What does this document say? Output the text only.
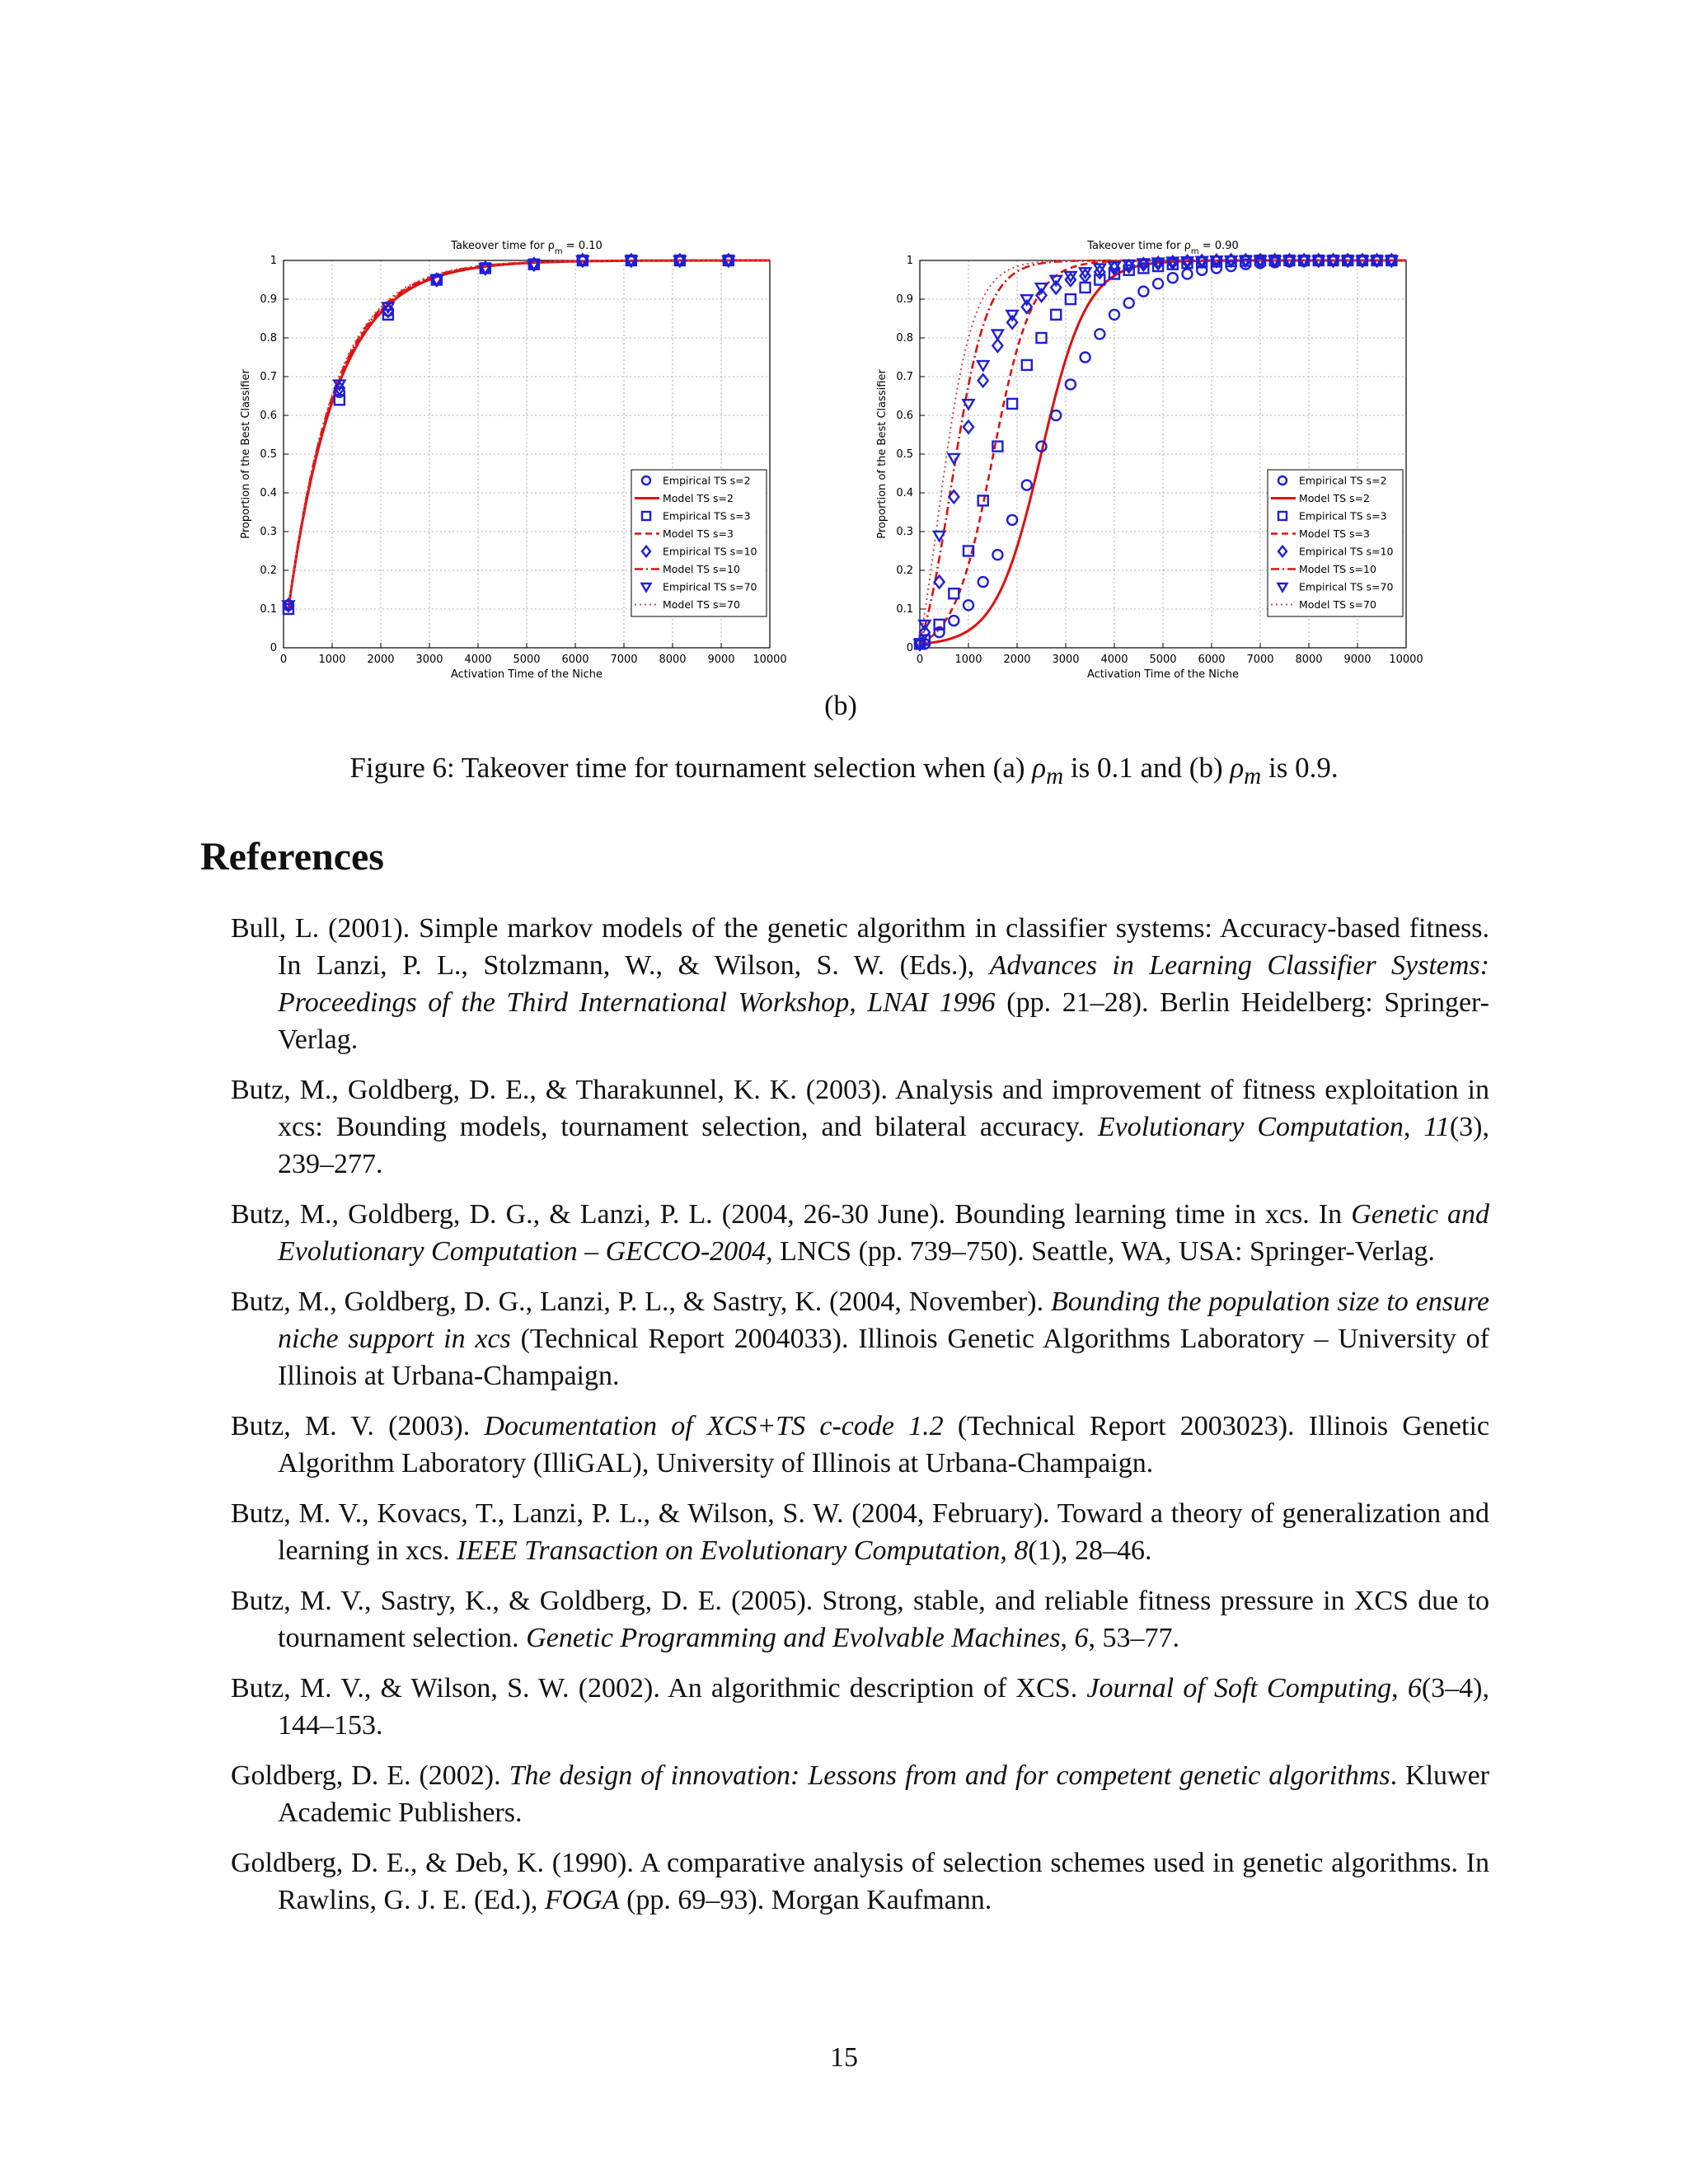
Takeover time for $\rho_m = 0.10$
0	1000 2000 3000 4000 5000 6000 7000 8000 9000 10000
0
0.1
0.2
0.3
0.4
0.5
0.6
0.7
0.8
0.9
1
Activation Time of the Niche
Proportion of the Best Classifier	Empirical TS s=2
Model TS s=2
Empirical TS s=3
Model TS s=3
Empirical TS s=10
Model TS s=10
Empirical TS s=70
Model TS s=70
Takeover time for $\rho_m = 0.90$
0	1000 2000 3000 4000 5000 6000 7000 8000 9000 10000
0
0.1
0.2
0.3
0.4
0.5
0.6
0.7
0.8
0.9
1
Activation Time of the Niche
Proportion of the Best Classifier	Empirical TS s=2
Model TS s=2
Empirical TS s=3
Model TS s=3
Empirical TS s=10
Model TS s=10
Empirical TS s=70
Model TS s=70
(b)
Figure 6: Takeover time for tournament selection when (a) $\rho_m$ is 0.1 and (b) $\rho_m$ is 0.9.
References
Bull, L. (2001). Simple markov models of the genetic algorithm in classifier systems: Accuracy-based fitness. In Lanzi, P. L., Stolzmann, W., & Wilson, S. W. (Eds.), Advances in Learning Classifier Systems: Proceedings of the Third International Workshop, LNAI 1996 (pp. 21–28). Berlin Heidelberg: Springer-Verlag.
Butz, M., Goldberg, D. E., & Tharakunnel, K. K. (2003). Analysis and improvement of fitness exploitation in xcs: Bounding models, tournament selection, and bilateral accuracy. Evolutionary Computation, 11(3), 239–277.
Butz, M., Goldberg, D. G., & Lanzi, P. L. (2004, 26-30 June). Bounding learning time in xcs. In Genetic and Evolutionary Computation – GECCO-2004, LNCS (pp. 739–750). Seattle, WA, USA: Springer-Verlag.
Butz, M., Goldberg, D. G., Lanzi, P. L., & Sastry, K. (2004, November). Bounding the population size to ensure niche support in xcs (Technical Report 2004033). Illinois Genetic Algorithms Laboratory – University of Illinois at Urbana-Champaign.
Butz, M. V. (2003). Documentation of XCS+TS c-code 1.2 (Technical Report 2003023). Illinois Genetic Algorithm Laboratory (IlliGAL), University of Illinois at Urbana-Champaign.
Butz, M. V., Kovacs, T., Lanzi, P. L., & Wilson, S. W. (2004, February). Toward a theory of generalization and learning in xcs. IEEE Transaction on Evolutionary Computation, 8(1), 28–46.
Butz, M. V., Sastry, K., & Goldberg, D. E. (2005). Strong, stable, and reliable fitness pressure in XCS due to tournament selection. Genetic Programming and Evolvable Machines, 6, 53–77.
Butz, M. V., & Wilson, S. W. (2002). An algorithmic description of XCS. Journal of Soft Computing, 6(3–4), 144–153.
Goldberg, D. E. (2002). The design of innovation: Lessons from and for competent genetic algorithms. Kluwer Academic Publishers.
Goldberg, D. E., & Deb, K. (1990). A comparative analysis of selection schemes used in genetic algorithms. In Rawlins, G. J. E. (Ed.), FOGA (pp. 69–93). Morgan Kaufmann.
15
